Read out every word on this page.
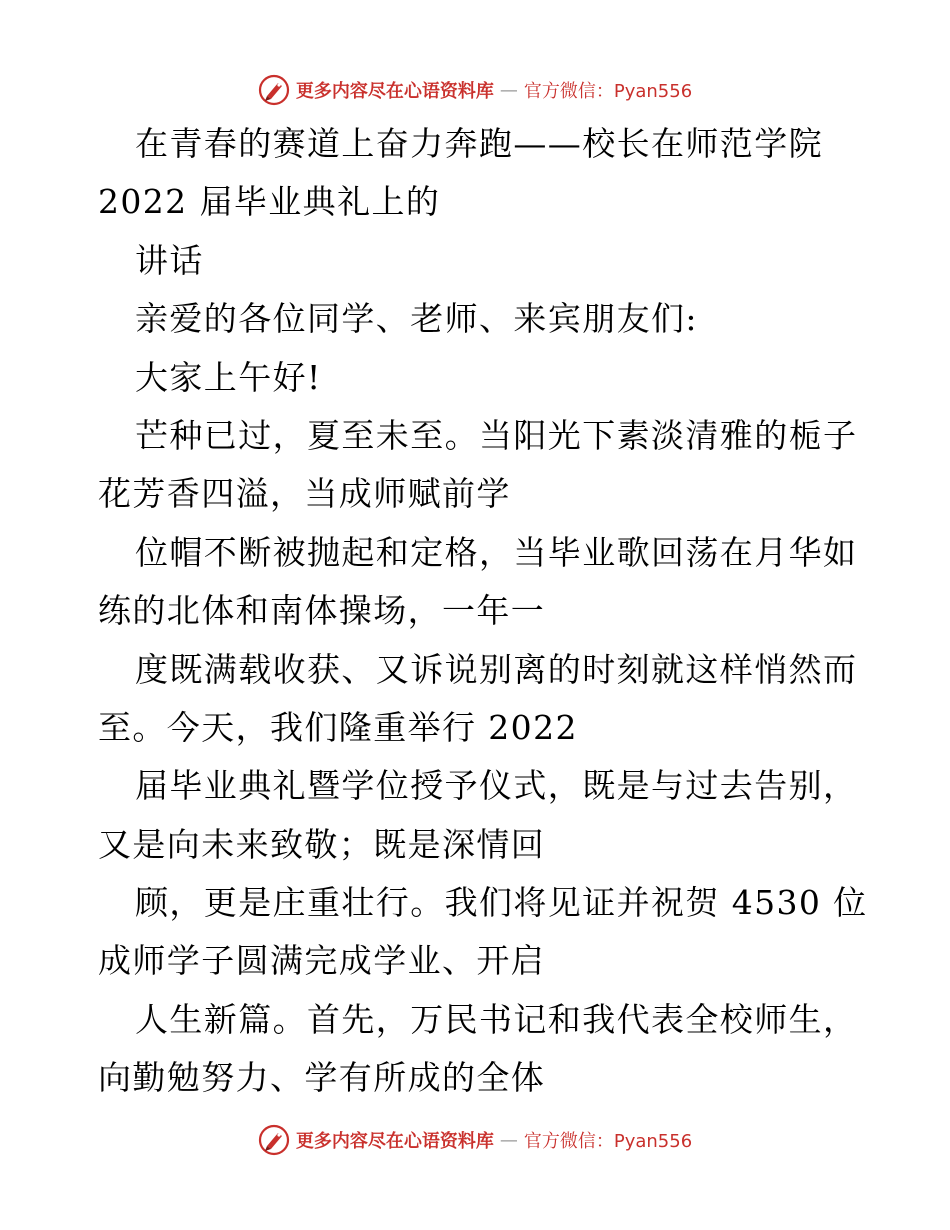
更多内容尽在心语资料库 — 官方微信：Pyan556
在青春的赛道上奋力奔跑——校长在师范学院
2022 届毕业典礼上的
讲话
亲爱的各位同学、老师、来宾朋友们:
大家上午好!
芒种已过，夏至未至。当阳光下素淡清雅的栀子
花芳香四溢，当成师赋前学
位帽不断被抛起和定格，当毕业歌回荡在月华如
练的北体和南体操场，一年一
度既满载收获、又诉说别离的时刻就这样悄然而
至。今天，我们隆重举行 2022
届毕业典礼暨学位授予仪式，既是与过去告别，
又是向未来致敬；既是深情回
顾，更是庄重壮行。我们将见证并祝贺 4530 位
成师学子圆满完成学业、开启
人生新篇。首先，万民书记和我代表全校师生，
向勤勉努力、学有所成的全体
更多内容尽在心语资料库 — 官方微信：Pyan556
